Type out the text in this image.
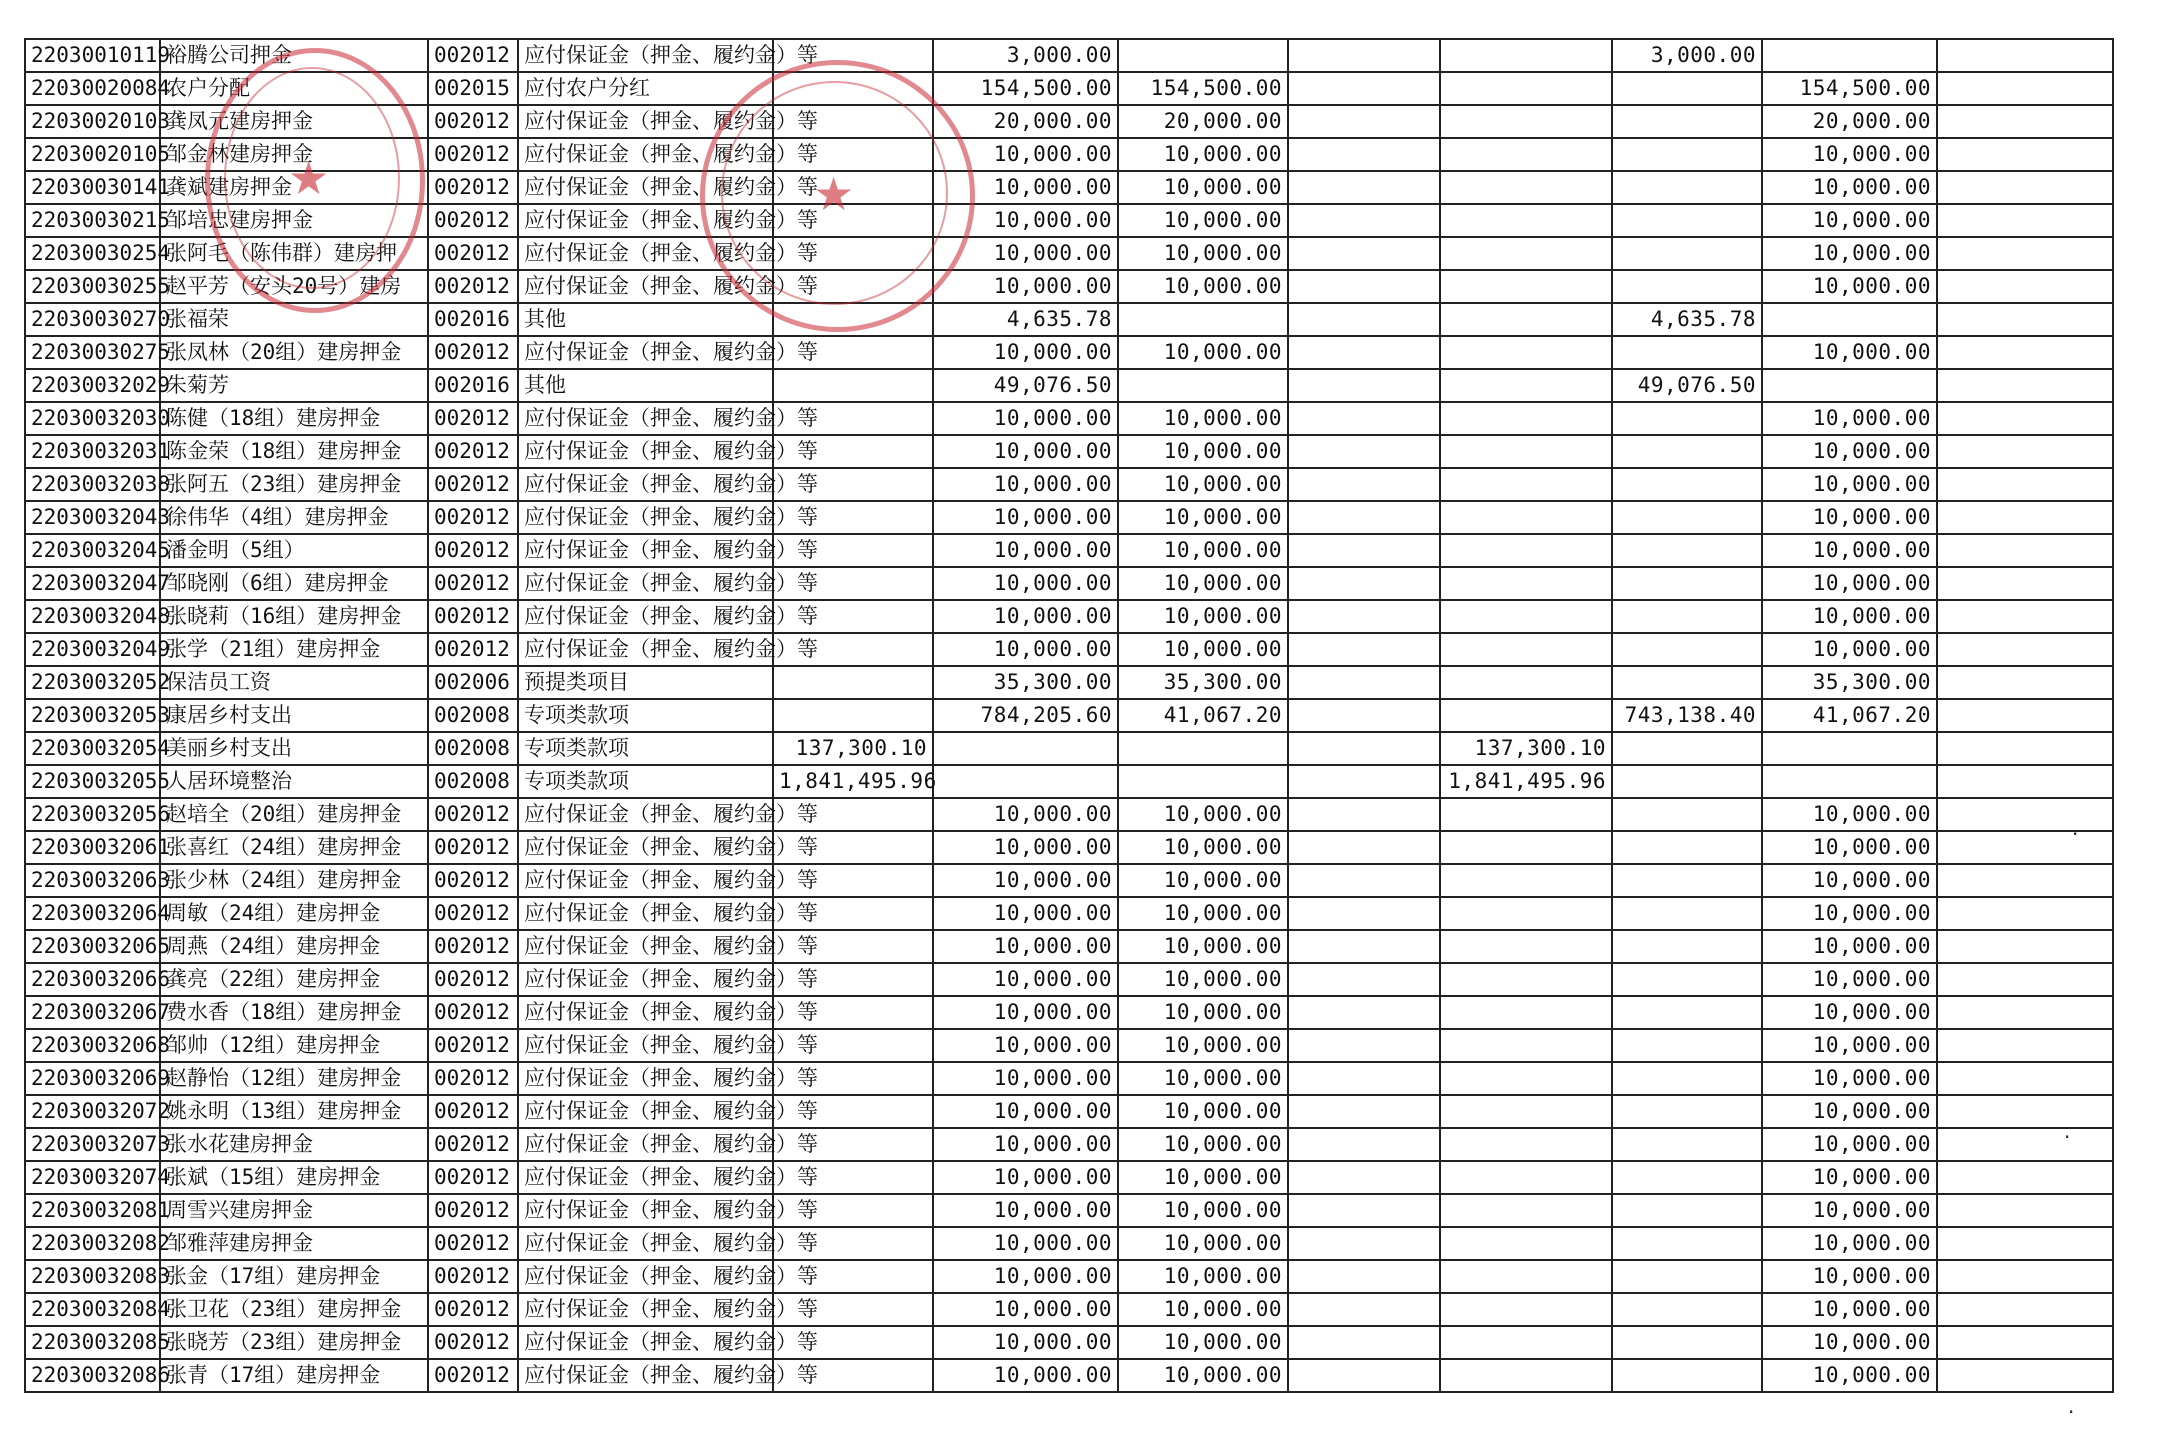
22030010119	裕腾公司押金	002012	应付保证金（押金、履约金）等		3,000.00				3,000.00		
22030020084	农户分配	002015	应付农户分红		154,500.00	154,500.00				154,500.00	
22030020103	龚凤元建房押金	002012	应付保证金（押金、履约金）等		20,000.00	20,000.00				20,000.00	
22030020105	邹金林建房押金	002012	应付保证金（押金、履约金）等		10,000.00	10,000.00				10,000.00	
22030030141	龚斌建房押金	002012	应付保证金（押金、履约金）等		10,000.00	10,000.00				10,000.00	
22030030215	邹培忠建房押金	002012	应付保证金（押金、履约金）等		10,000.00	10,000.00				10,000.00	
22030030254	张阿毛（陈伟群）建房押	002012	应付保证金（押金、履约金）等		10,000.00	10,000.00				10,000.00	
22030030255	赵平芳（安头20号）建房	002012	应付保证金（押金、履约金）等		10,000.00	10,000.00				10,000.00	
22030030270	张福荣	002016	其他		4,635.78				4,635.78		
22030030275	张凤林（20组）建房押金	002012	应付保证金（押金、履约金）等		10,000.00	10,000.00				10,000.00	
22030032029	朱菊芳	002016	其他		49,076.50				49,076.50		
22030032030	陈健（18组）建房押金	002012	应付保证金（押金、履约金）等		10,000.00	10,000.00				10,000.00	
22030032031	陈金荣（18组）建房押金	002012	应付保证金（押金、履约金）等		10,000.00	10,000.00				10,000.00	
22030032038	张阿五（23组）建房押金	002012	应付保证金（押金、履约金）等		10,000.00	10,000.00				10,000.00	
22030032043	徐伟华（4组）建房押金	002012	应付保证金（押金、履约金）等		10,000.00	10,000.00				10,000.00	
22030032045	潘金明（5组）	002012	应付保证金（押金、履约金）等		10,000.00	10,000.00				10,000.00	
22030032047	邹晓刚（6组）建房押金	002012	应付保证金（押金、履约金）等		10,000.00	10,000.00				10,000.00	
22030032048	张晓莉（16组）建房押金	002012	应付保证金（押金、履约金）等		10,000.00	10,000.00				10,000.00	
22030032049	张学（21组）建房押金	002012	应付保证金（押金、履约金）等		10,000.00	10,000.00				10,000.00	
22030032052	保洁员工资	002006	预提类项目		35,300.00	35,300.00				35,300.00	
22030032053	康居乡村支出	002008	专项类款项		784,205.60	41,067.20			743,138.40	41,067.20	
22030032054	美丽乡村支出	002008	专项类款项	137,300.10				137,300.10			
22030032055	人居环境整治	002008	专项类款项	1,841,495.96				1,841,495.96			
22030032056	赵培全（20组）建房押金	002012	应付保证金（押金、履约金）等		10,000.00	10,000.00				10,000.00	
22030032061	张喜红（24组）建房押金	002012	应付保证金（押金、履约金）等		10,000.00	10,000.00				10,000.00	
22030032063	张少林（24组）建房押金	002012	应付保证金（押金、履约金）等		10,000.00	10,000.00				10,000.00	
22030032064	周敏（24组）建房押金	002012	应付保证金（押金、履约金）等		10,000.00	10,000.00				10,000.00	
22030032065	周燕（24组）建房押金	002012	应付保证金（押金、履约金）等		10,000.00	10,000.00				10,000.00	
22030032066	龚亮（22组）建房押金	002012	应付保证金（押金、履约金）等		10,000.00	10,000.00				10,000.00	
22030032067	费水香（18组）建房押金	002012	应付保证金（押金、履约金）等		10,000.00	10,000.00				10,000.00	
22030032068	邹帅（12组）建房押金	002012	应付保证金（押金、履约金）等		10,000.00	10,000.00				10,000.00	
22030032069	赵静怡（12组）建房押金	002012	应付保证金（押金、履约金）等		10,000.00	10,000.00				10,000.00	
22030032072	姚永明（13组）建房押金	002012	应付保证金（押金、履约金）等		10,000.00	10,000.00				10,000.00	
22030032073	张水花建房押金	002012	应付保证金（押金、履约金）等		10,000.00	10,000.00				10,000.00	
22030032074	张斌（15组）建房押金	002012	应付保证金（押金、履约金）等		10,000.00	10,000.00				10,000.00	
22030032081	周雪兴建房押金	002012	应付保证金（押金、履约金）等		10,000.00	10,000.00				10,000.00	
22030032082	邹雅萍建房押金	002012	应付保证金（押金、履约金）等		10,000.00	10,000.00				10,000.00	
22030032083	张金（17组）建房押金	002012	应付保证金（押金、履约金）等		10,000.00	10,000.00				10,000.00	
22030032084	张卫花（23组）建房押金	002012	应付保证金（押金、履约金）等		10,000.00	10,000.00				10,000.00	
22030032085	张晓芳（23组）建房押金	002012	应付保证金（押金、履约金）等		10,000.00	10,000.00				10,000.00	
22030032086	张青（17组）建房押金	002012	应付保证金（押金、履约金）等		10,000.00	10,000.00				10,000.00	
★	★
·
·
·
